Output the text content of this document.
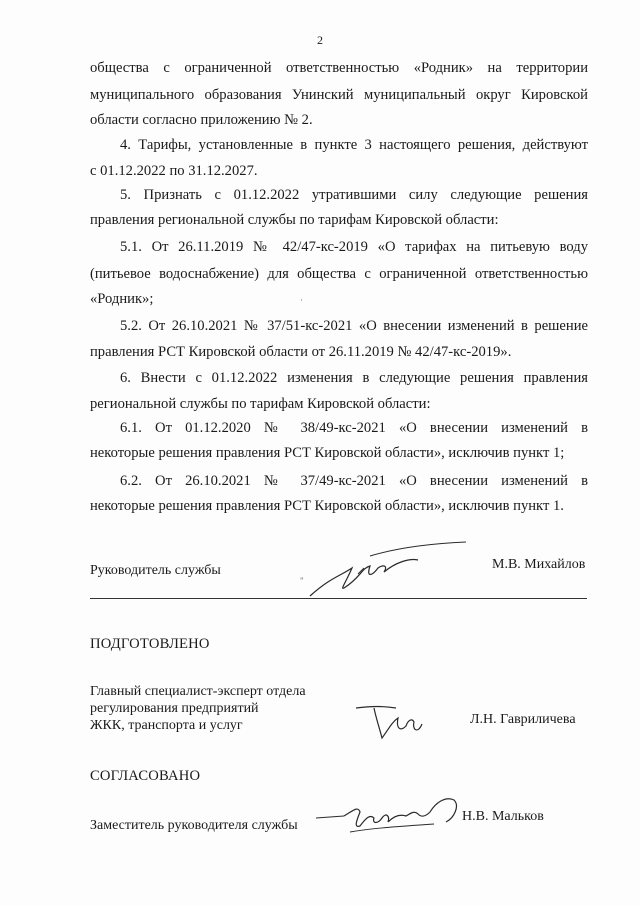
2
общества с ограниченной ответственностью «Родник» на территории
муниципального образования Унинский муниципальный округ Кировской
области согласно приложению № 2.
4. Тарифы, установленные в пункте 3 настоящего решения, действуют
с 01.12.2022 по 31.12.2027.
5. Признать с 01.12.2022 утратившими силу следующие решения
правления региональной службы по тарифам Кировской области:
5.1. От 26.11.2019 № 42/47-кс-2019 «О тарифах на питьевую воду
(питьевое водоснабжение) для общества с ограниченной ответственностью
«Родник»;
5.2. От 26.10.2021 № 37/51-кс-2021 «О внесении изменений в решение
правления РСТ Кировской области от 26.11.2019 № 42/47-кс-2019».
6. Внести с 01.12.2022 изменения в следующие решения правления
региональной службы по тарифам Кировской области:
6.1. От 01.12.2020 № 38/49-кс-2021 «О внесении изменений в
некоторые решения правления РСТ Кировской области», исключив пункт 1;
6.2. От 26.10.2021 № 37/49-кс-2021 «О внесении изменений в
некоторые решения правления РСТ Кировской области», исключив пункт 1.
Руководитель службы	М.В. Михайлов
ПОДГОТОВЛЕНО
Главный специалист-эксперт отдела
регулирования предприятий
ЖКК, транспорта и услуг	Л.Н. Гавриличева
СОГЛАСОВАНО
Заместитель руководителя службы
Н.В. Мальков
·
"
